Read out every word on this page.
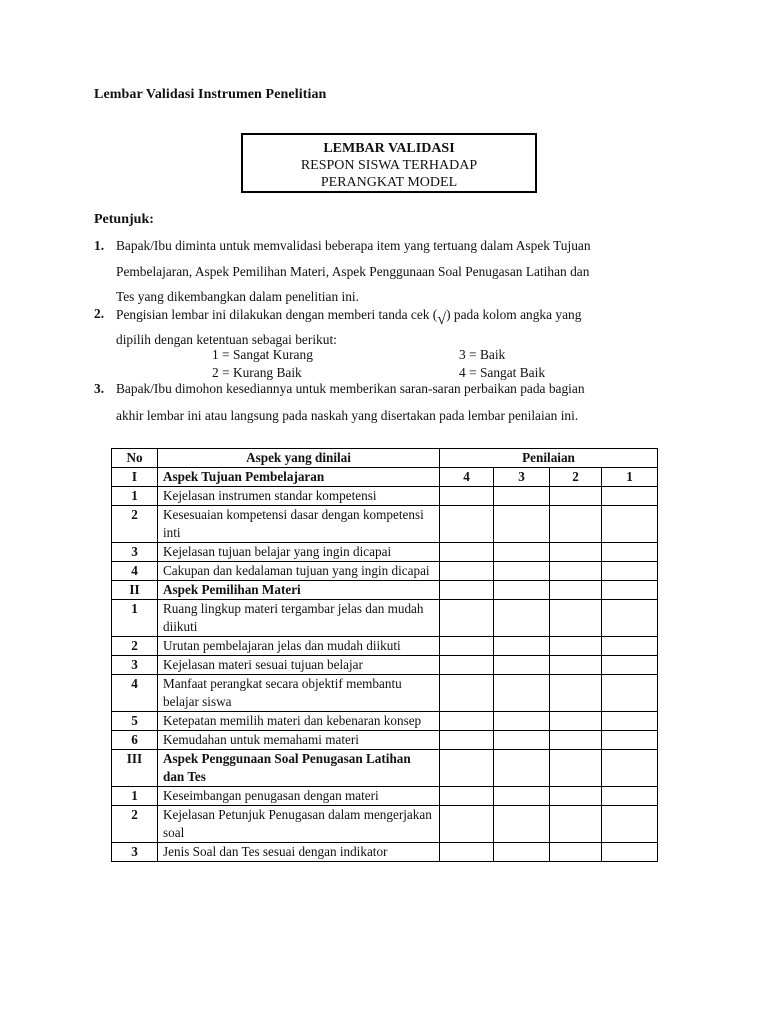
Lembar Validasi Instrumen Penelitian
LEMBAR VALIDASI
RESPON SISWA TERHADAP
PERANGKAT MODEL
Petunjuk:
1. Bapak/Ibu diminta untuk memvalidasi beberapa item yang tertuang dalam Aspek Tujuan
Pembelajaran, Aspek Pemilihan Materi, Aspek Penggunaan Soal Penugasan Latihan dan
Tes yang dikembangkan dalam penelitian ini.
2. Pengisian lembar ini dilakukan dengan memberi tanda cek (√) pada kolom angka yang
dipilih dengan ketentuan sebagai berikut:
1 = Sangat Kurang
2 = Kurang Baik
3 = Baik
4 = Sangat Baik
3. Bapak/Ibu dimohon kesediannya untuk memberikan saran-saran perbaikan pada bagian
akhir lembar ini atau langsung pada naskah yang disertakan pada lembar penilaian ini.
No	Aspek yang dinilai	Penilaian			
I	Aspek Tujuan Pembelajaran	4	3	2	1
1	Kejelasan instrumen standar kompetensi				
2	Kesesuaian kompetensi dasar dengan kompetensi inti				
3	Kejelasan tujuan belajar yang ingin dicapai				
4	Cakupan dan kedalaman tujuan yang ingin dicapai				
II	Aspek Pemilihan Materi				
1	Ruang lingkup materi tergambar jelas dan mudah diikuti				
2	Urutan pembelajaran jelas dan mudah diikuti				
3	Kejelasan materi sesuai tujuan belajar				
4	Manfaat perangkat secara objektif membantu belajar siswa				
5	Ketepatan memilih materi dan kebenaran konsep				
6	Kemudahan untuk memahami materi				
III	Aspek Penggunaan Soal Penugasan Latihan dan Tes				
1	Keseimbangan penugasan dengan materi				
2	Kejelasan Petunjuk Penugasan dalam mengerjakan soal				
3	Jenis Soal dan Tes sesuai dengan indikator				
